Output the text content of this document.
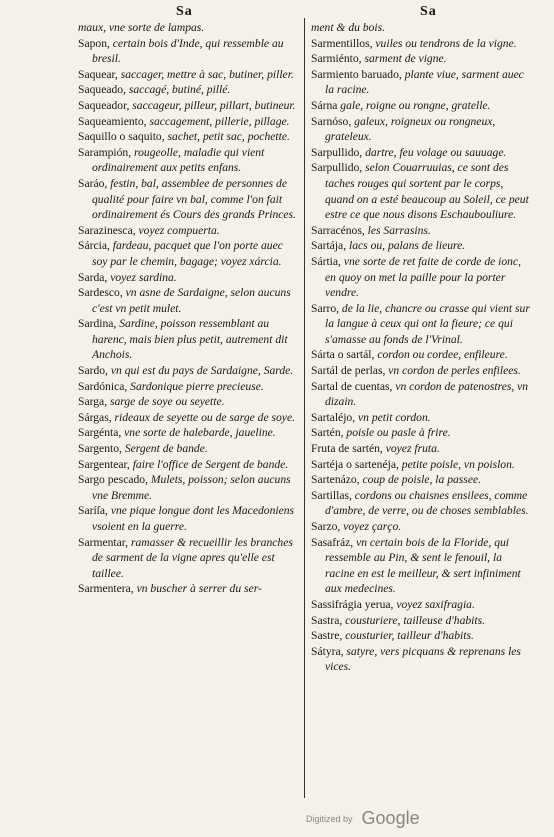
Sa	Sa

maux, vne sorte de lampas.

Sapon, certain bois d'Inde, qui ressemble au bresil.

Saquear, saccager, mettre à sac, butiner, piller.

Saqueado, saccagé, butiné, pillé.

Saqueador, saccageur, pilleur, pillart, butineur.

Saqueamiento, saccagement, pillerie, pillage.

Saquillo o saquito, sachet, petit sac, pochette.

Sarampión, rougeolle, maladie qui vient ordinairement aux petits enfans.

Saráo, festin, bal, assemblee de personnes de qualité pour faire vn bal, comme l'on fait ordinairement és Cours des grands Princes.

Sarazinesca, voyez compuerta.

Sárcia, fardeau, pacquet que l'on porte auec soy par le chemin, bagage; voyez xárcia.

Sarda, voyez sardina.

Sardesco, vn asne de Sardaigne, selon aucuns c'est vn petit mulet.

Sardina, Sardine, poisson ressemblant au harenc, mais bien plus petit, autrement dit Anchois.

Sardo, vn qui est du pays de Sardaigne, Sarde.

Sardónica, Sardonique pierre precieuse.

Sarga, sarge de soye ou seyette.

Sárgas, rideaux de seyette ou de sarge de soye.

Sargénta, vne sorte de halebarde, jaueline.

Sargento, Sergent de bande.

Sargentear, faire l'office de Sergent de bande.

Sargo pescado, Mulets, poisson; selon aucuns vne Bremme.

Saríſa, vne pique longue dont les Macedoniens vsoient en la guerre.

Sarmentar, ramasser & recueillir les branches de sarment de la vigne apres qu'elle est taillee.

Sarmentera, vn buscher à serrer du ser-

ment & du bois.

Sarmentillos, vuiles ou tendrons de la vigne.

Sarmiénto, sarment de vigne.

Sarmiento baruado, plante viue, sarment auec la racine.

Sárna gale, roigne ou rongne, gratelle.

Sarnóso, galeux, roigneux ou rongneux, grateleux.

Sarpullido, dartre, feu volage ou sauuage.

Sarpullido, selon Couarruuias, ce sont des taches rouges qui sortent par le corps, quand on a esté beaucoup au Soleil, ce peut estre ce que nous disons Eschaubouliure.

Sarracénos, les Sarrasins.

Sartája, lacs ou, palans de lieure.

Sártia, vne sorte de ret faite de corde de ionc, en quoy on met la paille pour la porter vendre.

Sarro, de la lie, chancre ou crasse qui vient sur la langue à ceux qui ont la fieure; ce qui s'amasse au fonds de l'Vrinal.

Sárta o sartál, cordon ou cordee, enfileure.

Sartál de perlas, vn cordon de perles enfilees.

Sartal de cuentas, vn cordon de patenostres, vn dizain.

Sartaléjo, vn petit cordon.

Sartén, poisle ou pasle à frire.

Fruta de sartén, voyez fruta.

Sartéja o sartenéja, petite poisle, vn poislon.

Sartenázo, coup de poisle, la passee.

Sartillas, cordons ou chaisnes ensilees, comme d'ambre, de verre, ou de choses semblables.

Sarzo, voyez çarço.

Sasafráz, vn certain bois de la Floride, qui ressemble au Pin, & sent le fenouil, la racine en est le meilleur, & sert infiniment aux medecines.

Sassifrágia yerua, voyez saxifragia.

Sastra, cousturiere, tailleuse d'habits.

Sastre, cousturier, tailleur d'habits.

Sátyra, satyre, vers picquans & reprenans les vices.

Digitized by Google
